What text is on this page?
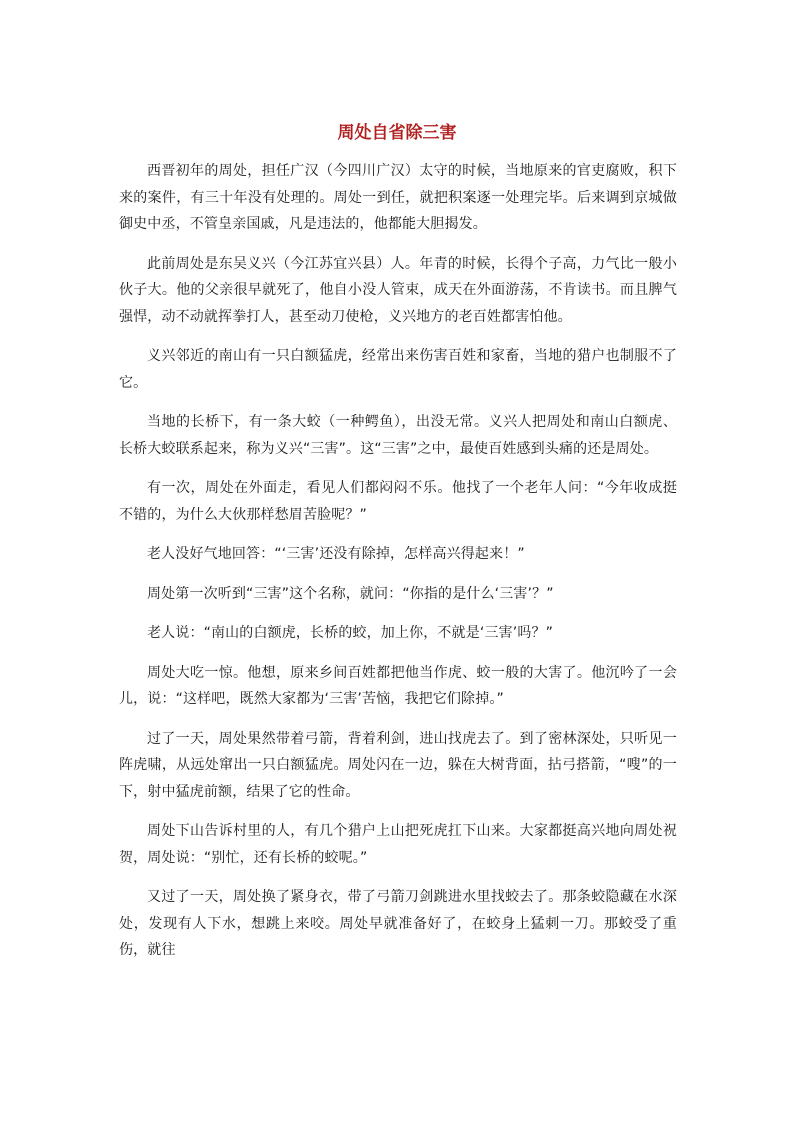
周处自省除三害

西晋初年的周处，担任广汉（今四川广汉）太守的时候，当地原来的官吏腐败，积下来的案件，有三十年没有处理的。周处一到任，就把积案逐一处理完毕。后来调到京城做御史中丞，不管皇亲国戚，凡是违法的，他都能大胆揭发。

此前周处是东吴义兴（今江苏宜兴县）人。年青的时候，长得个子高，力气比一般小伙子大。他的父亲很早就死了，他自小没人管束，成天在外面游荡，不肯读书。而且脾气强悍，动不动就挥拳打人，甚至动刀使枪，义兴地方的老百姓都害怕他。

义兴邻近的南山有一只白额猛虎，经常出来伤害百姓和家畜，当地的猎户也制服不了它。

当地的长桥下，有一条大蛟（一种鳄鱼），出没无常。义兴人把周处和南山白额虎、长桥大蛟联系起来，称为义兴“三害”。这“三害”之中，最使百姓感到头痛的还是周处。

有一次，周处在外面走，看见人们都闷闷不乐。他找了一个老年人问：“今年收成挺不错的，为什么大伙那样愁眉苦脸呢？”

老人没好气地回答：“‘三害’还没有除掉，怎样高兴得起来！”

周处第一次听到“三害”这个名称，就问：“你指的是什么‘三害’？”

老人说：“南山的白额虎，长桥的蛟，加上你，不就是‘三害’吗？”

周处大吃一惊。他想，原来乡间百姓都把他当作虎、蛟一般的大害了。他沉吟了一会儿，说：“这样吧，既然大家都为‘三害’苦恼，我把它们除掉。”

过了一天，周处果然带着弓箭，背着利剑，进山找虎去了。到了密林深处，只听见一阵虎啸，从远处窜出一只白额猛虎。周处闪在一边，躲在大树背面，拈弓搭箭，“嗖”的一下，射中猛虎前额，结果了它的性命。

周处下山告诉村里的人，有几个猎户上山把死虎扛下山来。大家都挺高兴地向周处祝贺，周处说：“别忙，还有长桥的蛟呢。”

又过了一天，周处换了紧身衣，带了弓箭刀剑跳进水里找蛟去了。那条蛟隐藏在水深处，发现有人下水，想跳上来咬。周处早就准备好了，在蛟身上猛刺一刀。那蛟受了重伤，就往
